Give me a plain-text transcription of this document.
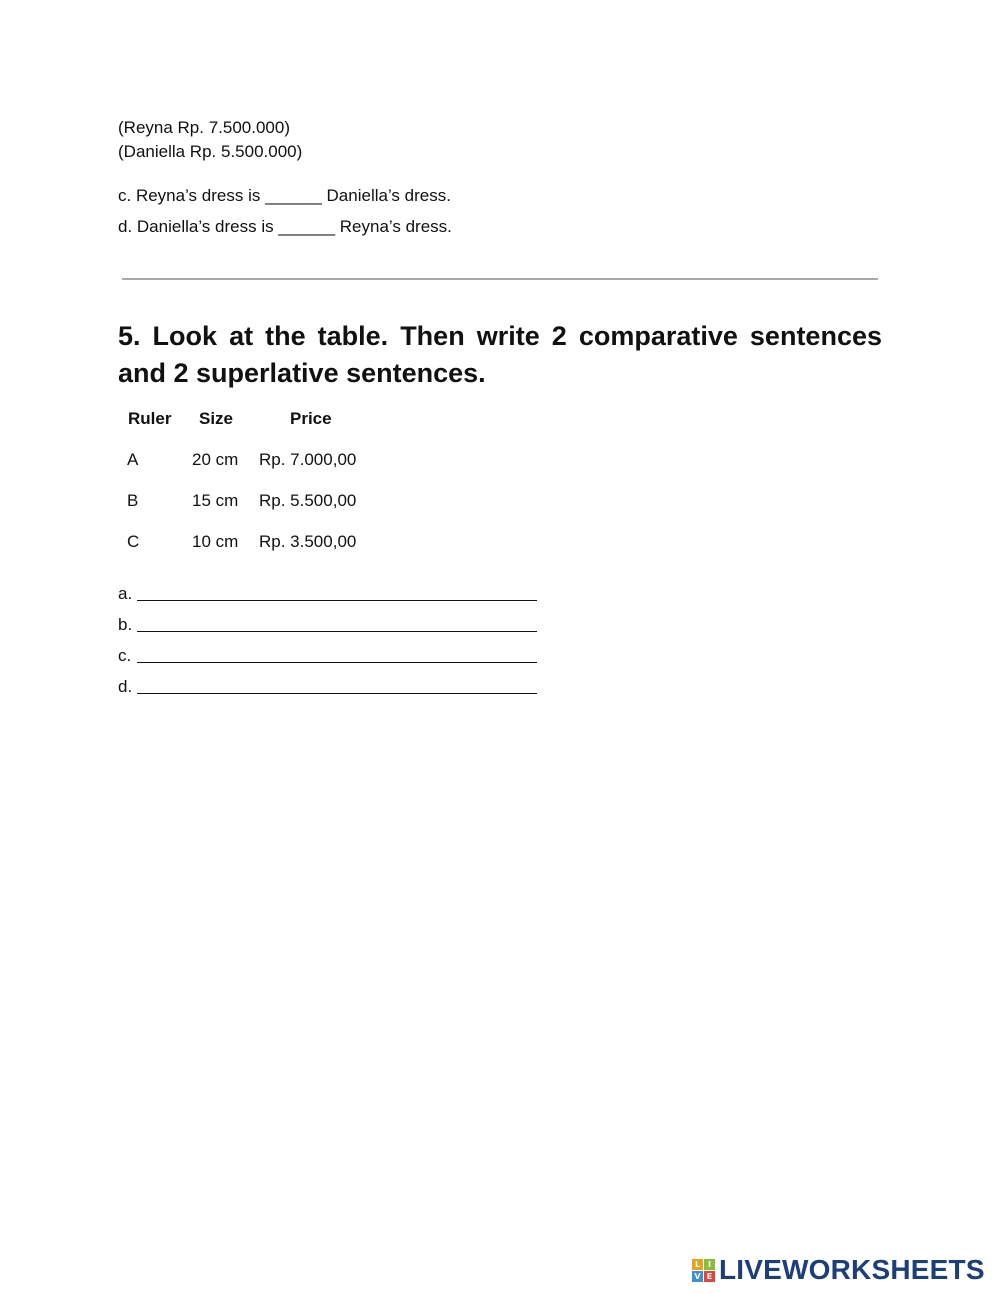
(Reyna Rp. 7.500.000)
(Daniella Rp. 5.500.000)
c. Reyna’s dress is ______ Daniella’s dress.
d. Daniella’s dress is ______ Reyna’s dress.
5. Look at the table. Then write 2 comparative sentences and 2 superlative sentences.
Ruler Size	Price
A	20 cm Rp. 7.000,00
B	15 cm Rp. 5.500,00
C	10 cm Rp. 3.500,00
a.
b.
c.
d.
L I
V E LIVEWORKSHEETS
